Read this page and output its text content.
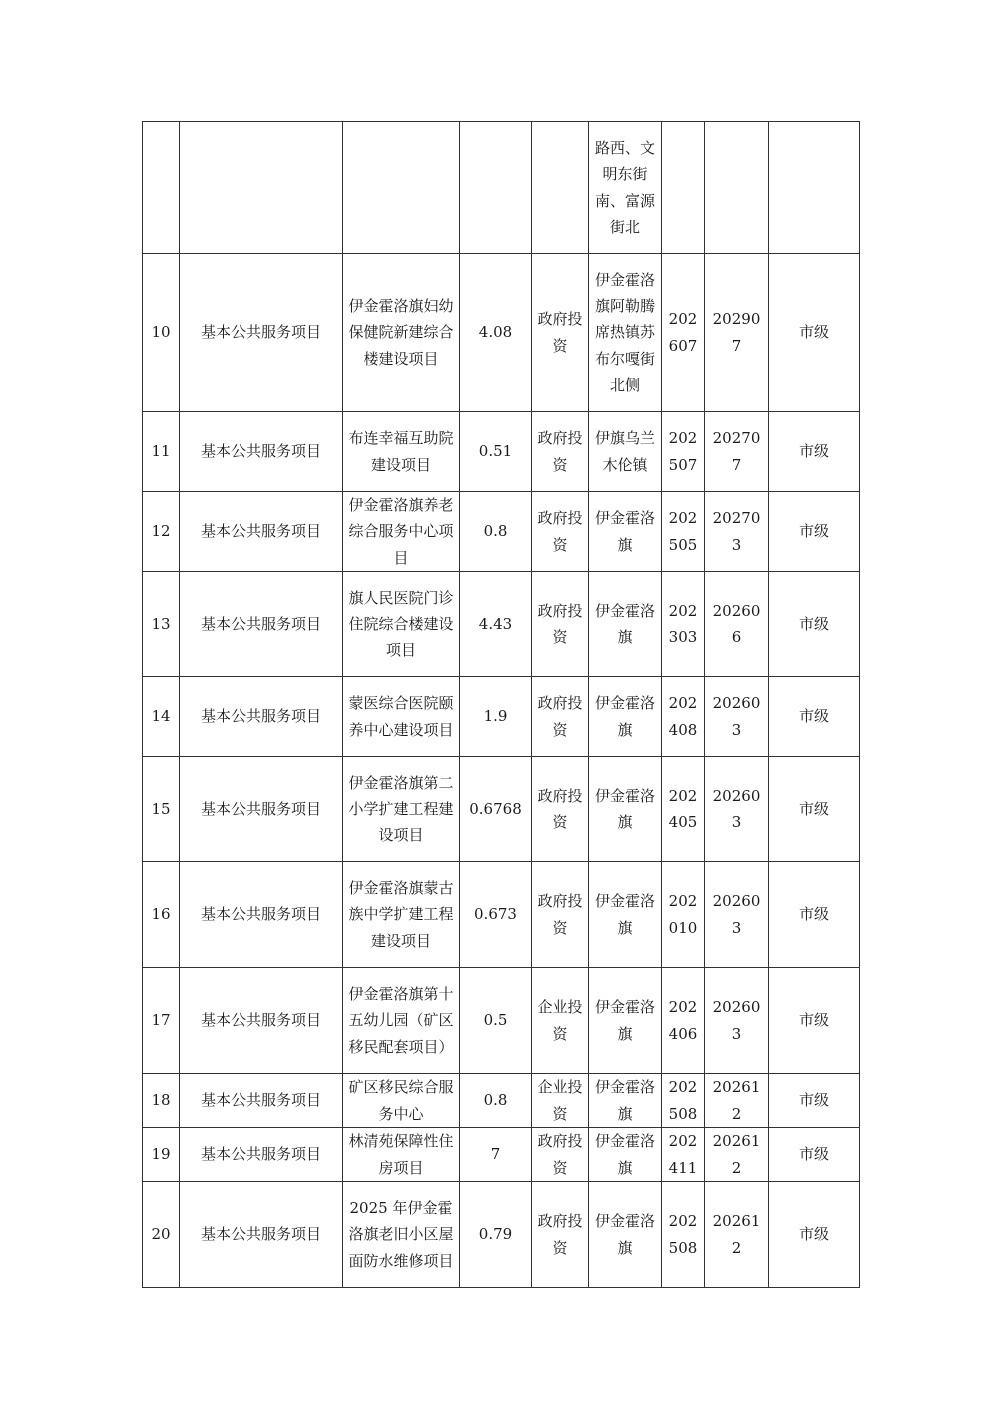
					路西、文明东街南、富源街北			
10	基本公共服务项目	伊金霍洛旗妇幼保健院新建综合楼建设项目	4.08	政府投资	伊金霍洛旗阿勒腾席热镇苏布尔嘎街北侧	202607	202907	市级
11	基本公共服务项目	布连幸福互助院建设项目	0.51	政府投资	伊旗乌兰木伦镇	202507	202707	市级
12	基本公共服务项目	伊金霍洛旗养老综合服务中心项目	0.8	政府投资	伊金霍洛旗	202505	202703	市级
13	基本公共服务项目	旗人民医院门诊住院综合楼建设项目	4.43	政府投资	伊金霍洛旗	202303	202606	市级
14	基本公共服务项目	蒙医综合医院颐养中心建设项目	1.9	政府投资	伊金霍洛旗	202408	202603	市级
15	基本公共服务项目	伊金霍洛旗第二小学扩建工程建设项目	0.6768	政府投资	伊金霍洛旗	202405	202603	市级
16	基本公共服务项目	伊金霍洛旗蒙古族中学扩建工程建设项目	0.673	政府投资	伊金霍洛旗	202010	202603	市级
17	基本公共服务项目	伊金霍洛旗第十五幼儿园（矿区移民配套项目）	0.5	企业投资	伊金霍洛旗	202406	202603	市级
18	基本公共服务项目	矿区移民综合服务中心	0.8	企业投资	伊金霍洛旗	202508	202612	市级
19	基本公共服务项目	林清苑保障性住房项目	7	政府投资	伊金霍洛旗	202411	202612	市级
20	基本公共服务项目	2025 年伊金霍洛旗老旧小区屋面防水维修项目	0.79	政府投资	伊金霍洛旗	202508	202612	市级
